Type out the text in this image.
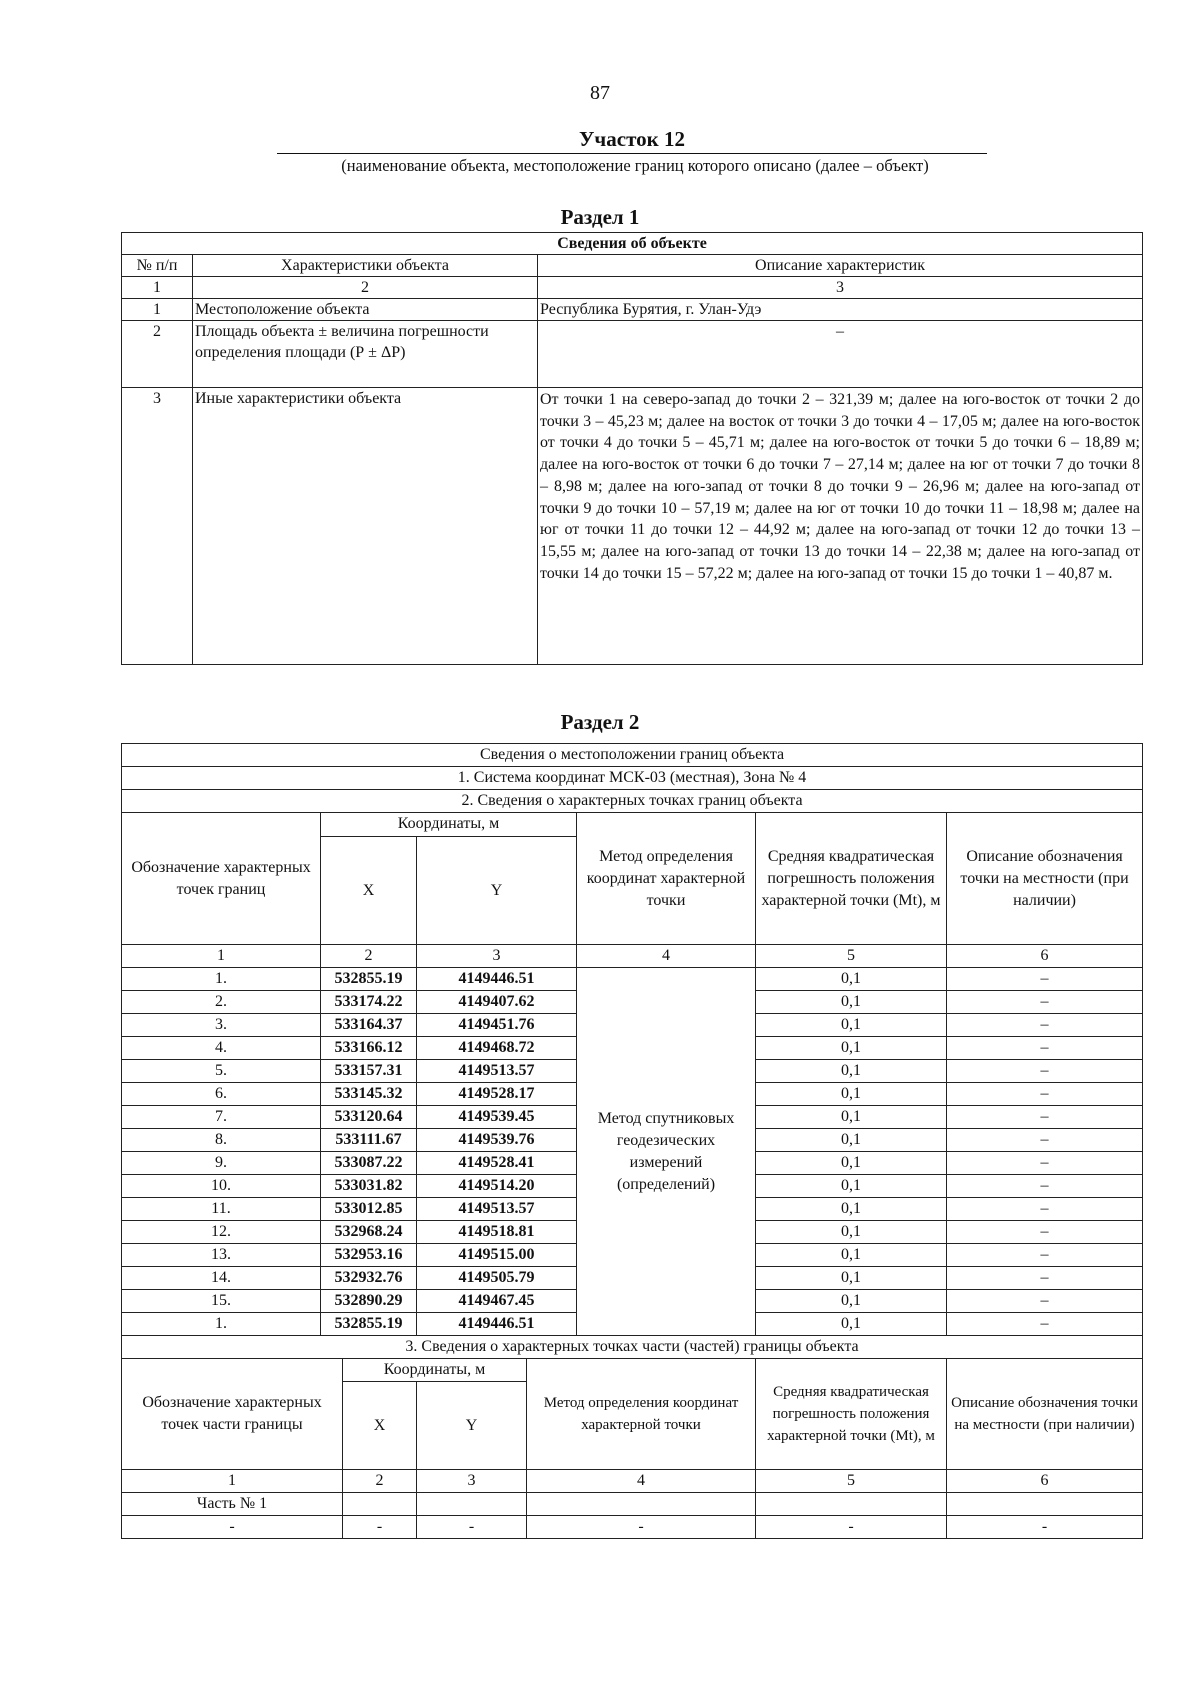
87
Участок 12
(наименование объекта, местоположение границ которого описано (далее – объект)
Раздел 1
Сведения об объекте		
№ п/п	Характеристики объекта	Описание характеристик
1	2	3
1	Местоположение объекта	Республика Бурятия, г. Улан-Удэ
2	Площадь объекта ± величина погрешности определения площади (Р ± ΔР)	–
3	Иные характеристики объекта	От точки 1 на северо-запад до точки 2 – 321,39 м; далее на юго-восток от точки 2 до точки 3 – 45,23 м; далее на восток от точки 3 до точки 4 – 17,05 м; далее на юго-восток от точки 4 до точки 5 – 45,71 м; далее на юго-восток от точки 5 до точки 6 – 18,89 м; далее на юго-восток от точки 6 до точки 7 – 27,14 м; далее на юг от точки 7 до точки 8 – 8,98 м; далее на юго-запад от точки 8 до точки 9 – 26,96 м; далее на юго-запад от точки 9 до точки 10 – 57,19 м; далее на юг от точки 10 до точки 11 – 18,98 м; далее на юг от точки 11 до точки 12 – 44,92 м; далее на юго-запад от точки 12 до точки 13 – 15,55 м; далее на юго-запад от точки 13 до точки 14 – 22,38 м; далее на юго-запад от точки 14 до точки 15 – 57,22 м; далее на юго-запад от точки 15 до точки 1 – 40,87 м.
Раздел 2
Сведения о местоположении границ объекта							
1. Система координат МСК-03 (местная), Зона № 4							
2. Сведения о характерных точках границ объекта							
Обозначение характерных точек границ	Координаты, м				Метод определения координат характерной точки	Средняя квадратическая погрешность положения характерной точки (Mt), м	Описание обозначения точки на местности (при наличии)
	X		Y				
1	2		3		4	5	6
1.	532855.19		4149446.51		Метод спутниковых геодезических измерений (определений)	0,1	–
2.	533174.22		4149407.62			0,1	–
3.	533164.37		4149451.76			0,1	–
4.	533166.12		4149468.72			0,1	–
5.	533157.31		4149513.57			0,1	–
6.	533145.32		4149528.17			0,1	–
7.	533120.64		4149539.45			0,1	–
8.	533111.67		4149539.76			0,1	–
9.	533087.22		4149528.41			0,1	–
10.	533031.82		4149514.20			0,1	–
11.	533012.85		4149513.57			0,1	–
12.	532968.24		4149518.81			0,1	–
13.	532953.16		4149515.00			0,1	–
14.	532932.76		4149505.79			0,1	–
15.	532890.29		4149467.45			0,1	–
1.	532855.19		4149446.51			0,1	–
3. Сведения о характерных точках части (частей) границы объекта							
Обозначение характерных точек части границы		Координаты, м		Метод определения координат характерной точки		Средняя квадратическая погрешность положения характерной точки (Mt), м	Описание обозначения точки на местности (при наличии)
		X	Y				
1		2	3	4		5	6
Часть № 1							
-		-	-	-		-	-
